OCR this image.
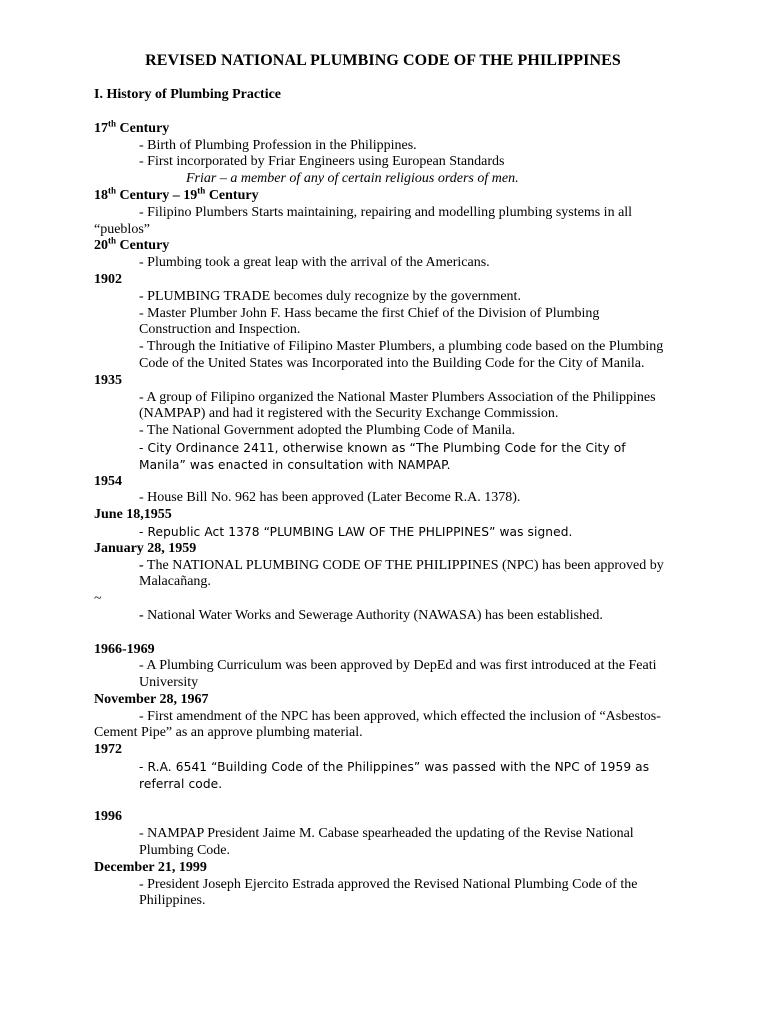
REVISED NATIONAL PLUMBING CODE OF THE PHILIPPINES
I. History of Plumbing Practice
17th Century
- Birth of Plumbing Profession in the Philippines.
- First incorporated by Friar Engineers using European Standards
Friar – a member of any of certain religious orders of men.
18th Century – 19th Century
- Filipino Plumbers Starts maintaining, repairing and modelling plumbing systems in all “pueblos”
20th Century
- Plumbing took a great leap with the arrival of the Americans.
1902
- PLUMBING TRADE becomes duly recognize by the government.
- Master Plumber John F. Hass became the first Chief of the Division of Plumbing Construction and Inspection.
- Through the Initiative of Filipino Master Plumbers, a plumbing code based on the Plumbing Code of the United States was Incorporated into the Building Code for the City of Manila.
1935
- A group of Filipino organized the National Master Plumbers Association of the Philippines (NAMPAP) and had it registered with the Security Exchange Commission.
- The National Government adopted the Plumbing Code of Manila.
- City Ordinance 2411, otherwise known as “The Plumbing Code for the City of Manila” was enacted in consultation with NAMPAP.
1954
- House Bill No. 962 has been approved (Later Become R.A. 1378).
June 18,1955
- Republic Act 1378 “PLUMBING LAW OF THE PHLIPPINES” was signed.
January 28, 1959
- The NATIONAL PLUMBING CODE OF THE PHILIPPINES (NPC) has been approved by Malacañang.
~
- National Water Works and Sewerage Authority (NAWASA) has been established.
1966-1969
- A Plumbing Curriculum was been approved by DepEd and was first introduced at the Feati University
November 28, 1967
- First amendment of the NPC has been approved, which effected the inclusion of “Asbestos-Cement Pipe” as an approve plumbing material.
1972
- R.A. 6541 “Building Code of the Philippines” was passed with the NPC of 1959 as referral code.
1996
- NAMPAP President Jaime M. Cabase spearheaded the updating of the Revise National Plumbing Code.
December 21, 1999
- President Joseph Ejercito Estrada approved the Revised National Plumbing Code of the Philippines.
